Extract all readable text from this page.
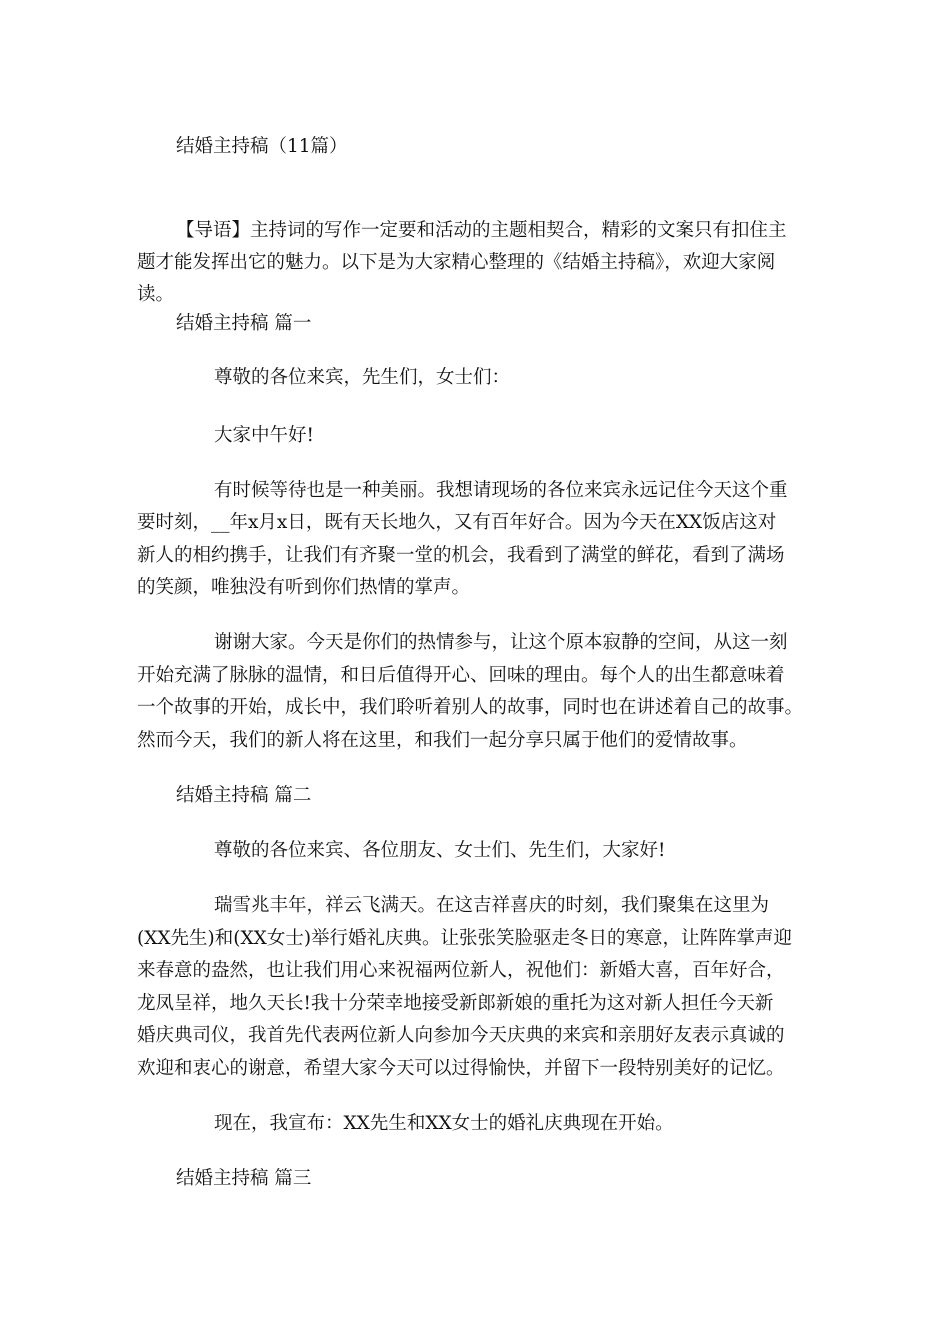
结婚主持稿（11篇）
【导语】主持词的写作一定要和活动的主题相契合，精彩的文案只有扣住主
题才能发挥出它的魅力。以下是为大家精心整理的《结婚主持稿》，欢迎大家阅
读。
结婚主持稿 篇一
尊敬的各位来宾，先生们，女士们：
大家中午好!
有时候等待也是一种美丽。我想请现场的各位来宾永远记住今天这个重
要时刻，__年x月x日，既有天长地久，又有百年好合。因为今天在XX饭店这对
新人的相约携手，让我们有齐聚一堂的机会，我看到了满堂的鲜花，看到了满场
的笑颜，唯独没有听到你们热情的掌声。
谢谢大家。今天是你们的热情参与，让这个原本寂静的空间，从这一刻
开始充满了脉脉的温情，和日后值得开心、回味的理由。每个人的出生都意味着
一个故事的开始，成长中，我们聆听着别人的故事，同时也在讲述着自己的故事。
然而今天，我们的新人将在这里，和我们一起分享只属于他们的爱情故事。
结婚主持稿 篇二
尊敬的各位来宾、各位朋友、女士们、先生们，大家好!
瑞雪兆丰年，祥云飞满天。在这吉祥喜庆的时刻，我们聚集在这里为
(XX先生)和(XX女士)举行婚礼庆典。让张张笑脸驱走冬日的寒意，让阵阵掌声迎
来春意的盎然，也让我们用心来祝福两位新人，祝他们：新婚大喜，百年好合，
龙凤呈祥，地久天长!我十分荣幸地接受新郎新娘的重托为这对新人担任今天新
婚庆典司仪，我首先代表两位新人向参加今天庆典的来宾和亲朋好友表示真诚的
欢迎和衷心的谢意，希望大家今天可以过得愉快，并留下一段特别美好的记忆。
现在，我宣布：XX先生和XX女士的婚礼庆典现在开始。
结婚主持稿 篇三
